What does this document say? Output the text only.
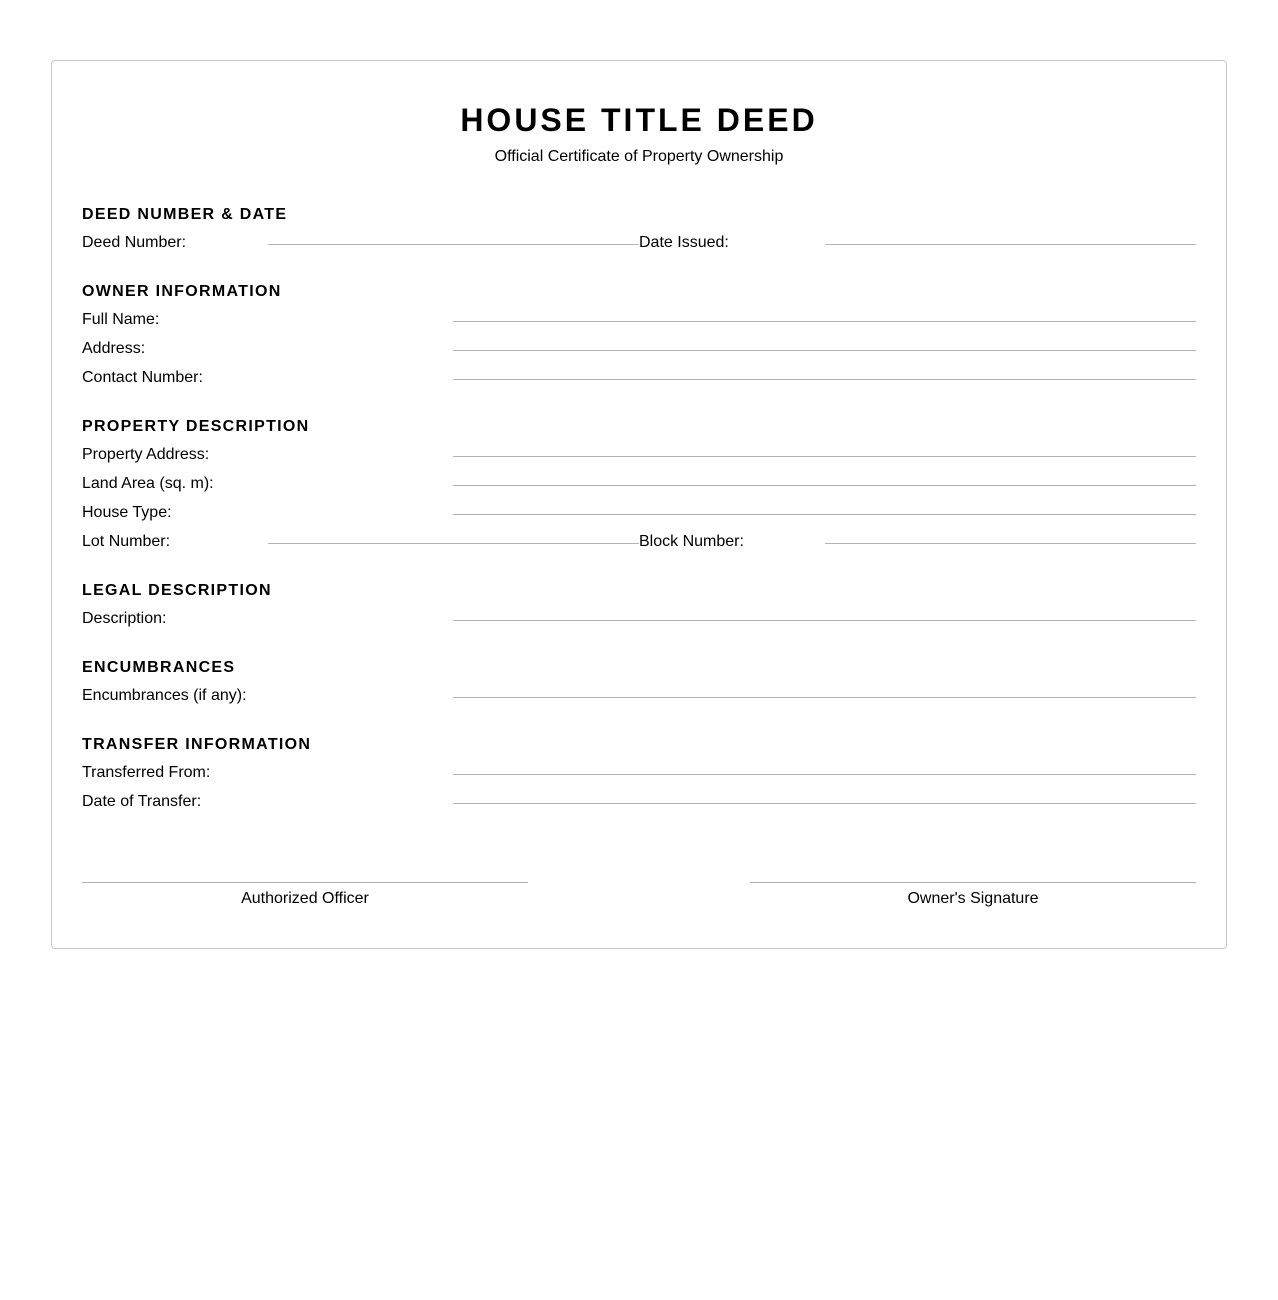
HOUSE TITLE DEED
Official Certificate of Property Ownership
DEED NUMBER & DATE
Deed Number:	Date Issued:
OWNER INFORMATION
Full Name:
Address:
Contact Number:
PROPERTY DESCRIPTION
Property Address:
Land Area (sq. m):
House Type:
Lot Number:	Block Number:
LEGAL DESCRIPTION
Description:
ENCUMBRANCES
Encumbrances (if any):
TRANSFER INFORMATION
Transferred From:
Date of Transfer:
Authorized Officer	Owner's Signature
